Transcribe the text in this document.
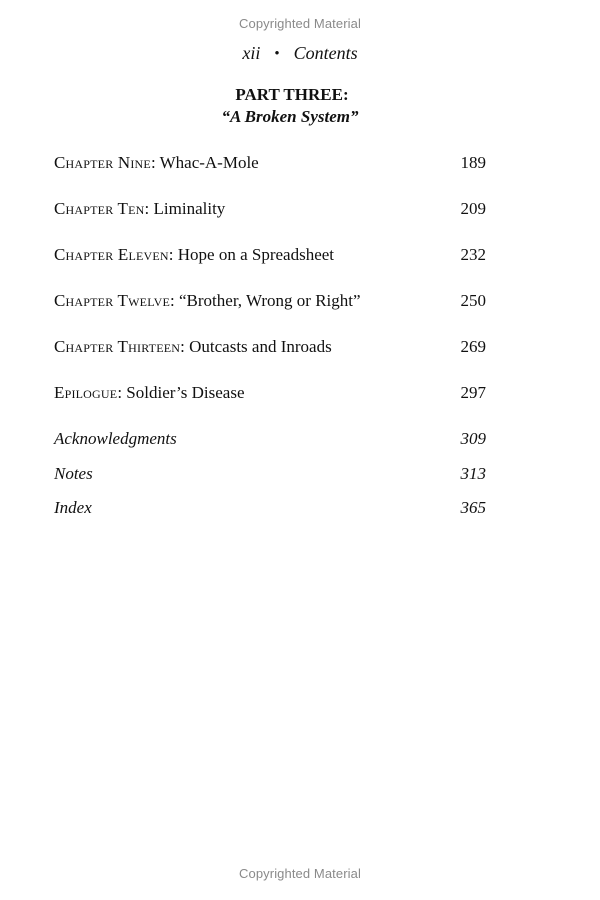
Copyrighted Material
xii • Contents
PART THREE:
“A Broken System”
Chapter Nine: Whac-A-Mole	189
Chapter Ten: Liminality	209
Chapter Eleven: Hope on a Spreadsheet	232
Chapter Twelve: “Brother, Wrong or Right”	250
Chapter Thirteen: Outcasts and Inroads	269
Epilogue: Soldier’s Disease	297
Acknowledgments	309
Notes	313
Index	365
Copyrighted Material
